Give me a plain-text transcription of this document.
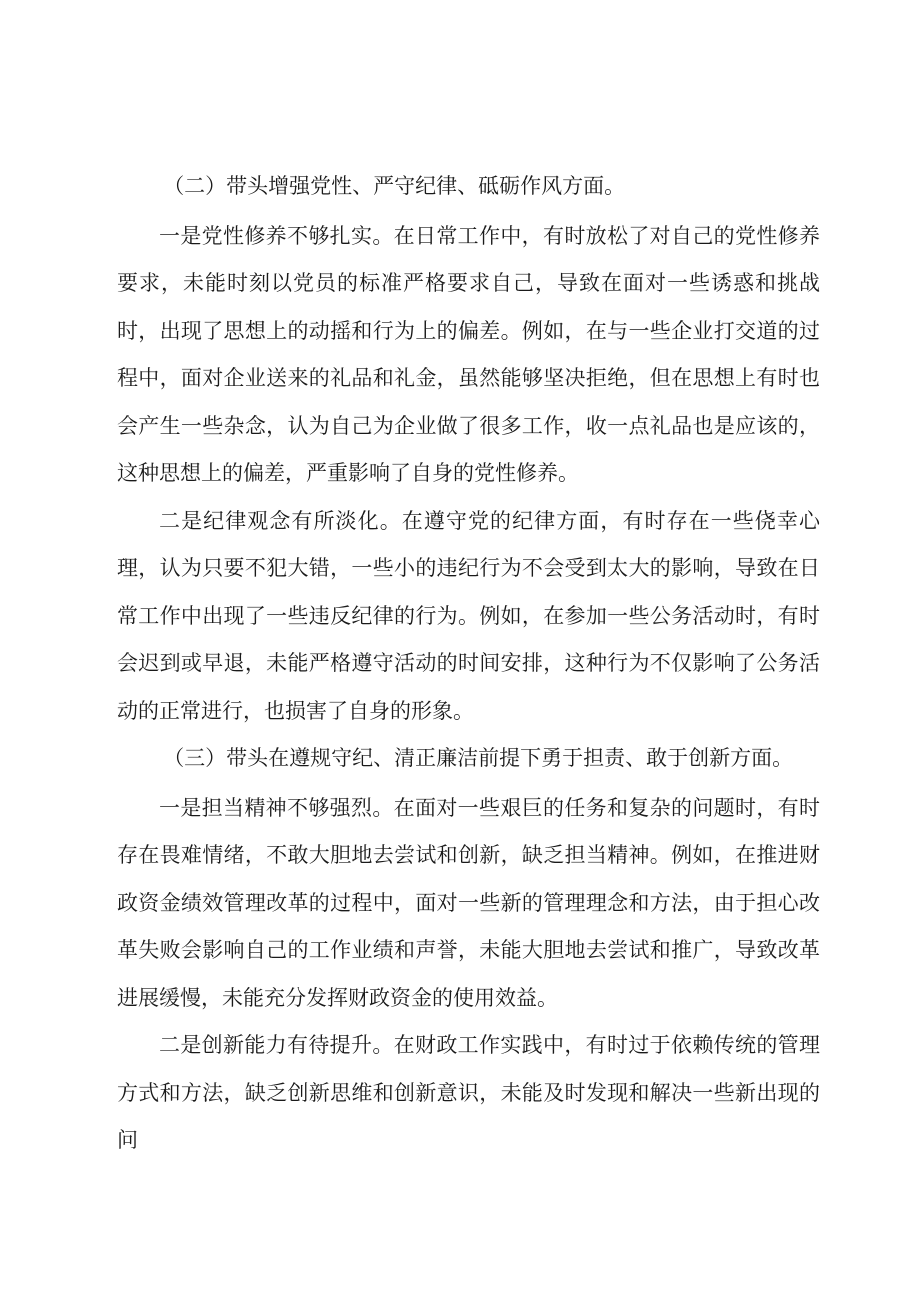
（二）带头增强党性、严守纪律、砥砺作风方面。

一是党性修养不够扎实。在日常工作中，有时放松了对自己的党性修养要求，未能时刻以党员的标准严格要求自己，导致在面对一些诱惑和挑战时，出现了思想上的动摇和行为上的偏差。例如，在与一些企业打交道的过程中，面对企业送来的礼品和礼金，虽然能够坚决拒绝，但在思想上有时也会产生一些杂念，认为自己为企业做了很多工作，收一点礼品也是应该的，这种思想上的偏差，严重影响了自身的党性修养。

二是纪律观念有所淡化。在遵守党的纪律方面，有时存在一些侥幸心理，认为只要不犯大错，一些小的违纪行为不会受到太大的影响，导致在日常工作中出现了一些违反纪律的行为。例如，在参加一些公务活动时，有时会迟到或早退，未能严格遵守活动的时间安排，这种行为不仅影响了公务活动的正常进行，也损害了自身的形象。

（三）带头在遵规守纪、清正廉洁前提下勇于担责、敢于创新方面。

一是担当精神不够强烈。在面对一些艰巨的任务和复杂的问题时，有时存在畏难情绪，不敢大胆地去尝试和创新，缺乏担当精神。例如，在推进财政资金绩效管理改革的过程中，面对一些新的管理理念和方法，由于担心改革失败会影响自己的工作业绩和声誉，未能大胆地去尝试和推广，导致改革进展缓慢，未能充分发挥财政资金的使用效益。

二是创新能力有待提升。在财政工作实践中，有时过于依赖传统的管理方式和方法，缺乏创新思维和创新意识，未能及时发现和解决一些新出现的问
